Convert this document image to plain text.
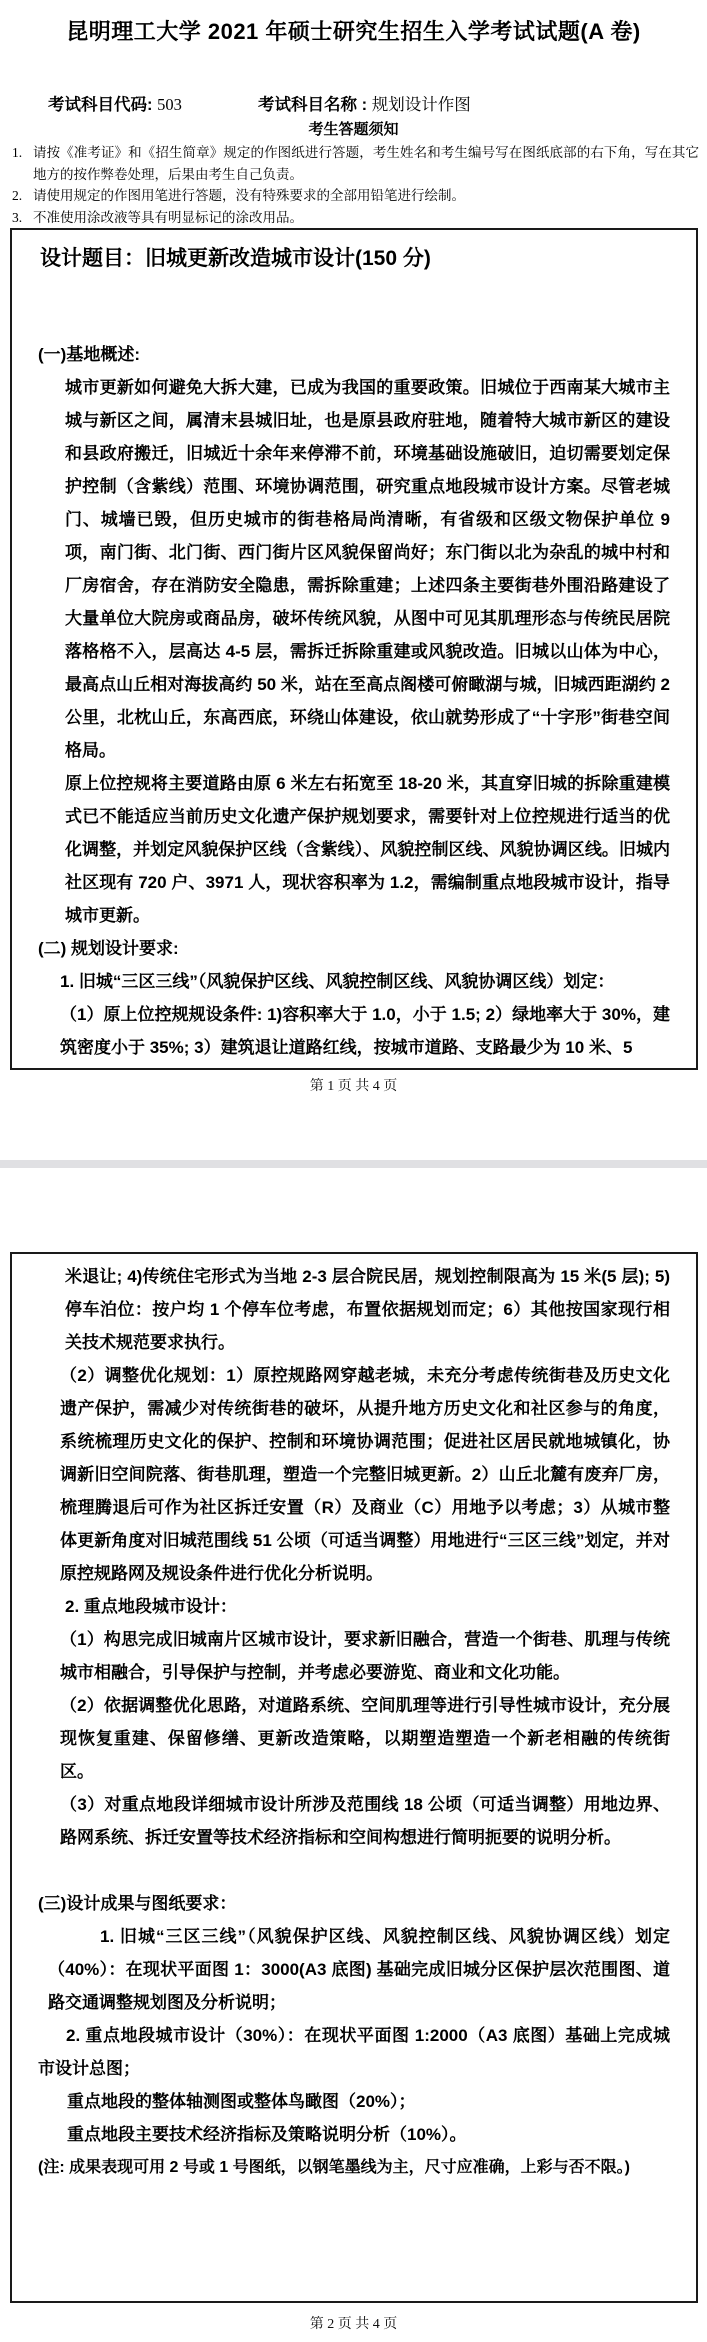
昆明理工大学 2021 年硕士研究生招生入学考试试题(A 卷)
考试科目代码: 503	考试科目名称 : 规划设计作图
考生答题须知
1. 请按《准考证》和《招生简章》规定的作图纸进行答题，考生姓名和考生编号写在图纸底部的右下角，写在其它地方的按作弊卷处理，后果由考生自己负责。
2. 请使用规定的作图用笔进行答题，没有特殊要求的全部用铅笔进行绘制。
3. 不准使用涂改液等具有明显标记的涂改用品。
设计题目：旧城更新改造城市设计(150 分)
(一)基地概述:
城市更新如何避免大拆大建，已成为我国的重要政策。旧城位于西南某大城市主城与新区之间，属清末县城旧址，也是原县政府驻地，随着特大城市新区的建设和县政府搬迁，旧城近十余年来停滞不前，环境基础设施破旧，迫切需要划定保护控制（含紫线）范围、环境协调范围，研究重点地段城市设计方案。尽管老城门、城墙已毁，但历史城市的街巷格局尚清晰，有省级和区级文物保护单位 9 项，南门街、北门街、西门街片区风貌保留尚好；东门街以北为杂乱的城中村和厂房宿舍，存在消防安全隐患，需拆除重建；上述四条主要街巷外围沿路建设了大量单位大院房或商品房，破坏传统风貌，从图中可见其肌理形态与传统民居院落格格不入，层高达 4-5 层，需拆迁拆除重建或风貌改造。旧城以山体为中心，最高点山丘相对海拔高约 50 米，站在至高点阁楼可俯瞰湖与城，旧城西距湖约 2 公里，北枕山丘，东高西底，环绕山体建设，依山就势形成了“十字形”街巷空间格局。
原上位控规将主要道路由原 6 米左右拓宽至 18-20 米，其直穿旧城的拆除重建模式已不能适应当前历史文化遗产保护规划要求，需要针对上位控规进行适当的优化调整，并划定风貌保护区线（含紫线）、风貌控制区线、风貌协调区线。旧城内社区现有 720 户、3971 人，现状容积率为 1.2，需编制重点地段城市设计，指导城市更新。
(二) 规划设计要求:
1. 旧城“三区三线”（风貌保护区线、风貌控制区线、风貌协调区线）划定：
（1）原上位控规规设条件: 1)容积率大于 1.0，小于 1.5; 2）绿地率大于 30%，建筑密度小于 35%; 3）建筑退让道路红线，按城市道路、支路最少为 10 米、5
第 1 页 共 4 页
米退让; 4)传统住宅形式为当地 2-3 层合院民居，规划控制限高为 15 米(5 层); 5)停车泊位：按户均 1 个停车位考虑，布置依据规划而定；6）其他按国家现行相关技术规范要求执行。
（2）调整优化规划：1）原控规路网穿越老城，未充分考虑传统街巷及历史文化遗产保护，需减少对传统街巷的破坏，从提升地方历史文化和社区参与的角度，系统梳理历史文化的保护、控制和环境协调范围；促进社区居民就地城镇化，协调新旧空间院落、街巷肌理，塑造一个完整旧城更新。2）山丘北麓有废弃厂房，梳理腾退后可作为社区拆迁安置（R）及商业（C）用地予以考虑；3）从城市整体更新角度对旧城范围线 51 公顷（可适当调整）用地进行“三区三线”划定，并对原控规路网及规设条件进行优化分析说明。
2. 重点地段城市设计：
（1）构思完成旧城南片区城市设计，要求新旧融合，营造一个街巷、肌理与传统城市相融合，引导保护与控制，并考虑必要游览、商业和文化功能。
（2）依据调整优化思路，对道路系统、空间肌理等进行引导性城市设计，充分展现恢复重建、保留修缮、更新改造策略，以期塑造塑造一个新老相融的传统街区。
（3）对重点地段详细城市设计所涉及范围线 18 公顷（可适当调整）用地边界、路网系统、拆迁安置等技术经济指标和空间构想进行简明扼要的说明分析。
(三)设计成果与图纸要求：
1. 旧城“三区三线”（风貌保护区线、风貌控制区线、风貌协调区线）划定（40%）：在现状平面图 1：3000(A3 底图) 基础完成旧城分区保护层次范围图、道路交通调整规划图及分析说明；
2. 重点地段城市设计（30%）：在现状平面图 1:2000（A3 底图）基础上完成城市设计总图；
重点地段的整体轴测图或整体鸟瞰图（20%）；
重点地段主要技术经济指标及策略说明分析（10%）。
(注: 成果表现可用 2 号或 1 号图纸，以钢笔墨线为主，尺寸应准确，上彩与否不限。)
第 2 页 共 4 页
